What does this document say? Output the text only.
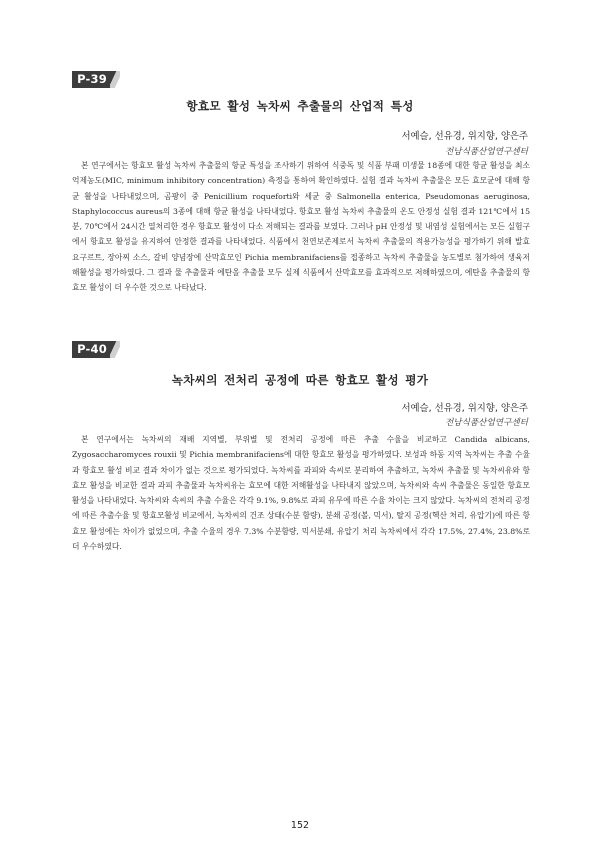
P-39
항효모 활성 녹차씨 추출물의 산업적 특성
서예슬, 선유경, 위지향, 양은주
전남식품산업연구센터
본 연구에서는 항효모 활성 녹차씨 추출물의 항균 특성을 조사하기 위하여 식중독 및 식품 부패 미생물 18종에 대한 항균 활성을 최소억제농도(MIC, minimum inhibitory concentration) 측정을 통하여 확인하였다. 실험 결과 녹차씨 추출물은 모든 효모균에 대해 항균 활성을 나타내었으며, 곰팡이 중 Penicillium roqueforti와 세균 중 Salmonella enterica, Pseudomonas aeruginosa, Staphylococcus aureus의 3종에 대해 항균 활성을 나타내었다. 항효모 활성 녹차씨 추출물의 온도 안정성 실험 결과 121℃에서 15분, 70℃에서 24시간 열처리한 경우 항효모 활성이 다소 저해되는 결과를 보였다. 그러나 pH 안정성 및 내염성 실험에서는 모든 실험구에서 항효모 활성을 유지하여 안정한 결과를 나타내었다. 식품에서 천연보존제로서 녹차씨 추출물의 적용가능성을 평가하기 위해 발효 요구르트, 장아찌 소스, 갈비 양념장에 산막효모인 Pichia membranifaciens를 접종하고 녹차씨 추출물을 농도별로 첨가하여 생육저해활성을 평가하였다. 그 결과 물 추출물과 에탄올 추출물 모두 실제 식품에서 산막효모를 효과적으로 저해하였으며, 에탄올 추출물의 항효모 활성이 더 우수한 것으로 나타났다.
P-40
녹차씨의 전처리 공정에 따른 항효모 활성 평가
서예슬, 선유경, 위지향, 양은주
전남식품산업연구센터
본 연구에서는 녹차씨의 재배 지역별, 부위별 및 전처리 공정에 따른 추출 수율을 비교하고 Candida albicans, Zygosaccharomyces rouxii 및 Pichia membranifaciens에 대한 항효모 활성을 평가하였다. 보성과 하동 지역 녹차씨는 추출 수율과 항효모 활성 비교 결과 차이가 없는 것으로 평가되었다. 녹차씨를 과피와 속씨로 분리하여 추출하고, 녹차씨 추출물 및 녹차씨유와 항효모 활성을 비교한 결과 과피 추출물과 녹차씨유는 효모에 대한 저해활성을 나타내지 않았으며, 녹차씨와 속씨 추출물은 동일한 항효모 활성을 나타내었다. 녹차씨와 속씨의 추출 수율은 각각 9.1%, 9.8%로 과피 유무에 따른 수율 차이는 크지 않았다. 녹차씨의 전처리 공정에 따른 추출수율 및 항효모활성 비교에서, 녹차씨의 건조 상태(수분 함량), 분쇄 공정(볼, 믹서), 탈지 공정(헥산 처리, 유압기)에 따른 항효모 활성에는 차이가 없었으며, 추출 수율의 경우 7.3% 수분함량, 믹서분쇄, 유압기 처리 녹차씨에서 각각 17.5%, 27.4%, 23.8%로 더 우수하였다.
152
